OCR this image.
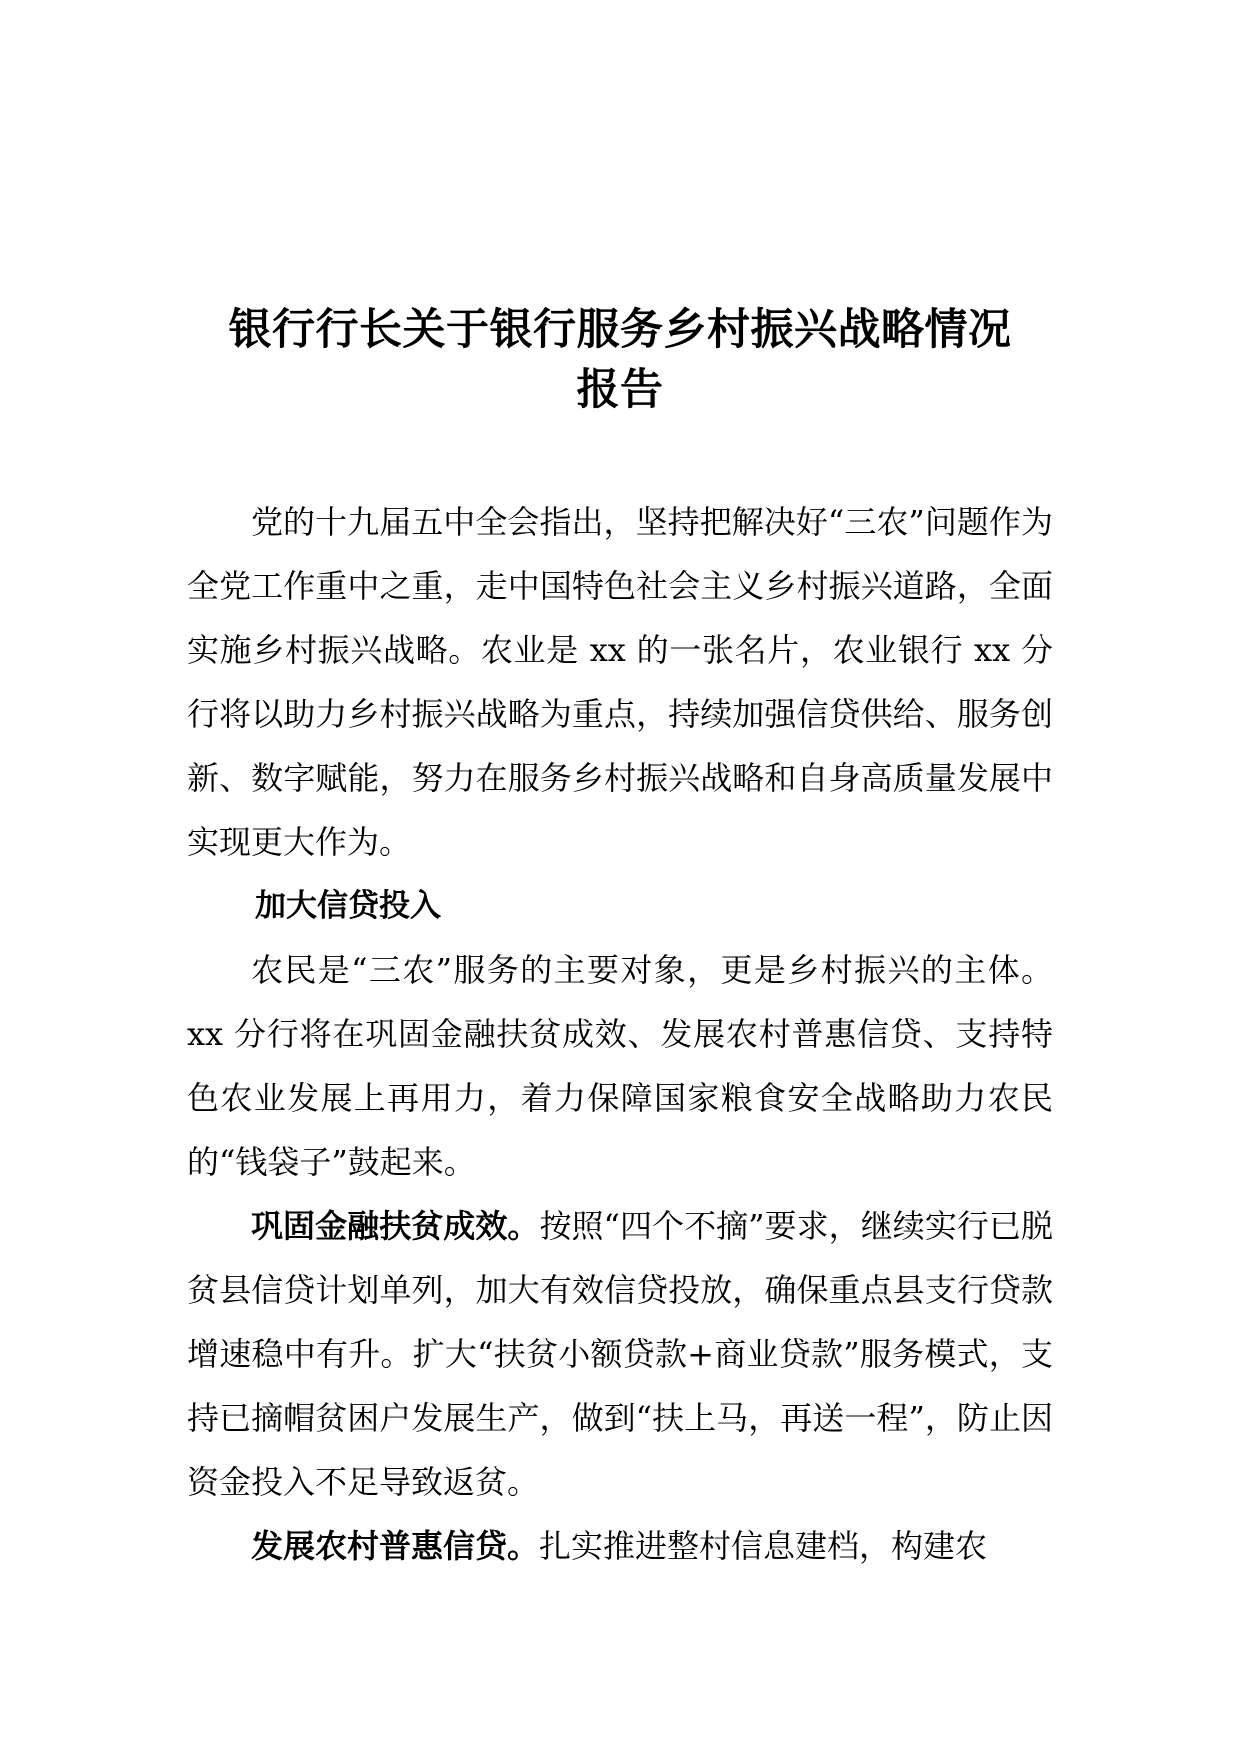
银行行长关于银行服务乡村振兴战略情况
报告

党的十九届五中全会指出，坚持把解决好“三农”问题作为全党工作重中之重，走中国特色社会主义乡村振兴道路，全面实施乡村振兴战略。农业是 xx 的一张名片，农业银行 xx 分行将以助力乡村振兴战略为重点，持续加强信贷供给、服务创新、数字赋能，努力在服务乡村振兴战略和自身高质量发展中实现更大作为。

加大信贷投入

农民是“三农”服务的主要对象，更是乡村振兴的主体。xx 分行将在巩固金融扶贫成效、发展农村普惠信贷、支持特色农业发展上再用力，着力保障国家粮食安全战略助力农民的“钱袋子”鼓起来。

巩固金融扶贫成效。按照“四个不摘”要求，继续实行已脱贫县信贷计划单列，加大有效信贷投放，确保重点县支行贷款增速稳中有升。扩大“扶贫小额贷款+商业贷款”服务模式，支持已摘帽贫困户发展生产，做到“扶上马，再送一程”，防止因资金投入不足导致返贫。

发展农村普惠信贷。扎实推进整村信息建档，构建农
